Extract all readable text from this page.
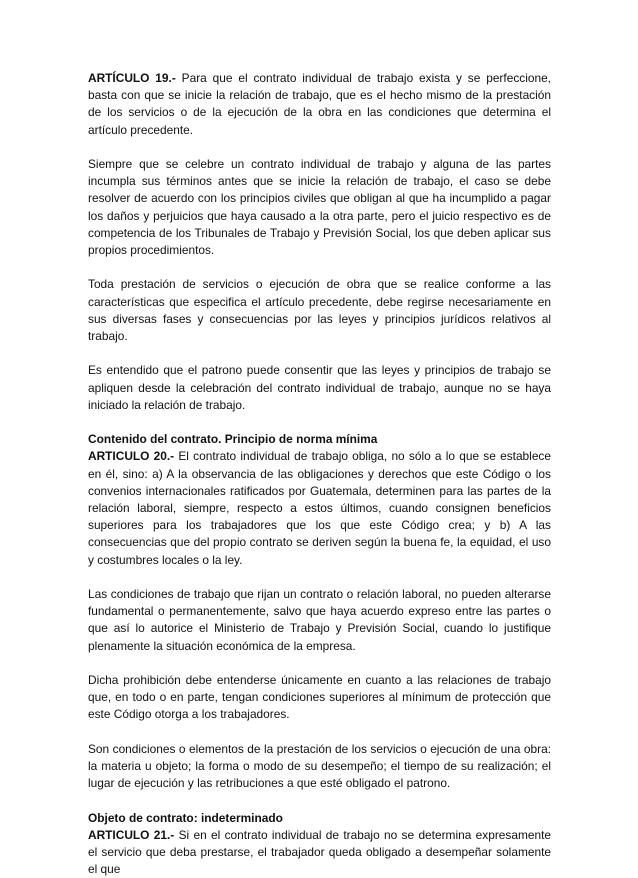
ARTÍCULO 19.- Para que el contrato individual de trabajo exista y se perfeccione, basta con que se inicie la relación de trabajo, que es el hecho mismo de la prestación de los servicios o de la ejecución de la obra en las condiciones que determina el artículo precedente.

Siempre que se celebre un contrato individual de trabajo y alguna de las partes incumpla sus términos antes que se inicie la relación de trabajo, el caso se debe resolver de acuerdo con los principios civiles que obligan al que ha incumplido a pagar los daños y perjuicios que haya causado a la otra parte, pero el juicio respectivo es de competencia de los Tribunales de Trabajo y Previsión Social, los que deben aplicar sus propios procedimientos.

Toda prestación de servicios o ejecución de obra que se realice conforme a las características que especifica el artículo precedente, debe regirse necesariamente en sus diversas fases y consecuencias por las leyes y principios jurídicos relativos al trabajo.

Es entendido que el patrono puede consentir que las leyes y principios de trabajo se apliquen desde la celebración del contrato individual de trabajo, aunque no se haya iniciado la relación de trabajo.

Contenido del contrato. Principio de norma mínima

ARTICULO 20.- El contrato individual de trabajo obliga, no sólo a lo que se establece en él, sino: a) A la observancia de las obligaciones y derechos que este Código o los convenios internacionales ratificados por Guatemala, determinen para las partes de la relación laboral, siempre, respecto a estos últimos, cuando consignen beneficios superiores para los trabajadores que los que este Código crea; y b) A las consecuencias que del propio contrato se deriven según la buena fe, la equidad, el uso y costumbres locales o la ley.

Las condiciones de trabajo que rijan un contrato o relación laboral, no pueden alterarse fundamental o permanentemente, salvo que haya acuerdo expreso entre las partes o que así lo autorice el Ministerio de Trabajo y Previsión Social, cuando lo justifique plenamente la situación económica de la empresa.

Dicha prohibición debe entenderse únicamente en cuanto a las relaciones de trabajo que, en todo o en parte, tengan condiciones superiores al mínimum de protección que este Código otorga a los trabajadores.

Son condiciones o elementos de la prestación de los servicios o ejecución de una obra: la materia u objeto; la forma o modo de su desempeño; el tiempo de su realización; el lugar de ejecución y las retribuciones a que esté obligado el patrono.

Objeto de contrato: indeterminado

ARTICULO 21.- Si en el contrato individual de trabajo no se determina expresamente el servicio que deba prestarse, el trabajador queda obligado a desempeñar solamente el que
